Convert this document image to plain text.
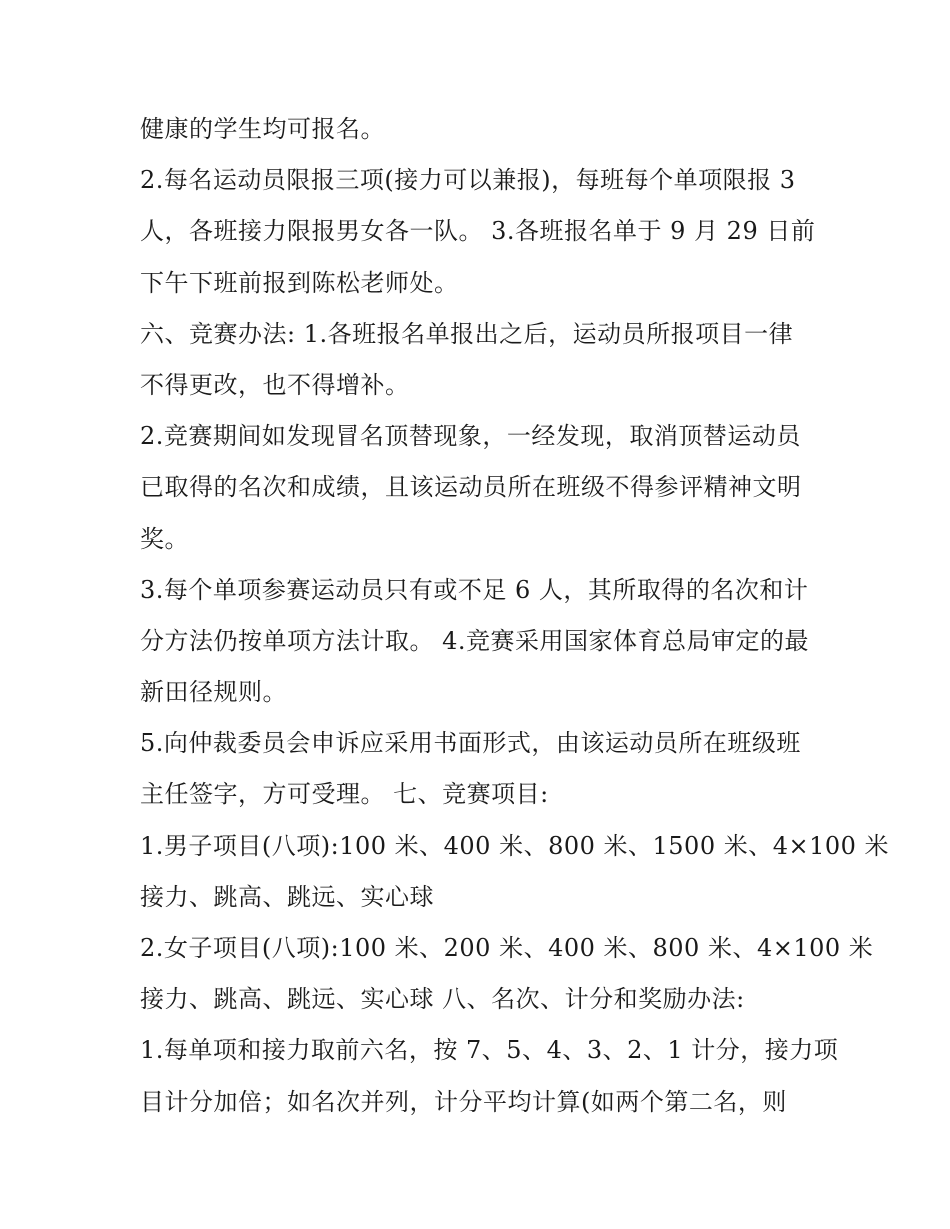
健康的学生均可报名。
2.每名运动员限报三项(接力可以兼报)，每班每个单项限报 3
人，各班接力限报男女各一队。 3.各班报名单于 9 月 29 日前
下午下班前报到陈松老师处。
六、竞赛办法: 1.各班报名单报出之后，运动员所报项目一律
不得更改，也不得增补。
2.竞赛期间如发现冒名顶替现象，一经发现，取消顶替运动员
已取得的名次和成绩，且该运动员所在班级不得参评精神文明
奖。
3.每个单项参赛运动员只有或不足 6 人，其所取得的名次和计
分方法仍按单项方法计取。 4.竞赛采用国家体育总局审定的最
新田径规则。
5.向仲裁委员会申诉应采用书面形式，由该运动员所在班级班
主任签字，方可受理。 七、竞赛项目:
1.男子项目(八项):100 米、400 米、800 米、1500 米、4×100 米
接力、跳高、跳远、实心球
2.女子项目(八项):100 米、200 米、400 米、800 米、4×100 米
接力、跳高、跳远、实心球 八、名次、计分和奖励办法:
1.每单项和接力取前六名，按 7、5、4、3、2、1 计分，接力项
目计分加倍；如名次并列，计分平均计算(如两个第二名，则
